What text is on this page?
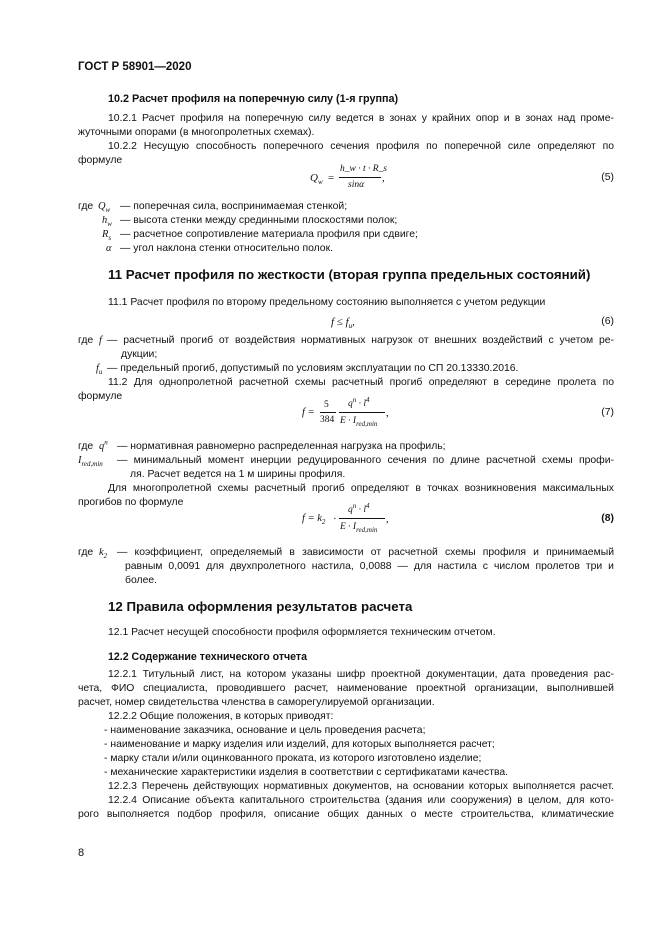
ГОСТ Р 58901—2020
10.2 Расчет профиля на поперечную силу (1-я группа)
10.2.1 Расчет профиля на поперечную силу ведется в зонах у крайних опор и в зонах над проме-
жуточными опорами (в многопролетных схемах).
10.2.2 Несущую способность поперечного сечения профиля по поперечной силе определяют по
формуле
$Q_w$ =
h_w · t · R_s
sinα
,	(5)
где $Q_w$ — поперечная сила, воспринимаемая стенкой;
$h_w$ — высота стенки между срединными плоскостями полок;
$R_s$ — расчетное сопротивление материала профиля при сдвиге;
α — угол наклона стенки относительно полок.
11 Расчет профиля по жесткости (вторая группа предельных состояний)
11.1 Расчет профиля по второму предельному состоянию выполняется с учетом редукции
$f \le f_u$,	(6)
где f — расчетный прогиб от воздействия нормативных нагрузок от внешних воздействий с учетом ре-
дукции;
$f_u$ — предельный прогиб, допустимый по условиям эксплуатации по СП 20.13330.2016.
11.2 Для однопролетной расчетной схемы расчетный прогиб определяют в середине пролета по
формуле
f =
5
384
$q^n \cdot l^4$
$E \cdot I_{red,min}$
,	(7)
где $q^n$ — нормативная равномерно распределенная нагрузка на профиль;
$I_{red,min}$ — минимальный момент инерции редуцированного сечения по длине расчетной схемы профи-
ля. Расчет ведется на 1 м ширины профиля.
Для многопролетной схемы расчетный прогиб определяют в точках возникновения максимальных
прогибов по формуле
$f = k_2$ ·
$q^n \cdot l^4$
$E \cdot I_{red,min}$
,	(8)
где $k_2$ — коэффициент, определяемый в зависимости от расчетной схемы профиля и принимаемый
равным 0,0091 для двухпролетного настила, 0,0088 — для настила с числом пролетов три и
более.
12 Правила оформления результатов расчета
12.1 Расчет несущей способности профиля оформляется техническим отчетом.
12.2 Содержание технического отчета
12.2.1 Титульный лист, на котором указаны шифр проектной документации, дата проведения рас-
чета, ФИО специалиста, проводившего расчет, наименование проектной организации, выполнившей
расчет, номер свидетельства членства в саморегулируемой организации.
12.2.2 Общие положения, в которых приводят:
- наименование заказчика, основание и цель проведения расчета;
- наименование и марку изделия или изделий, для которых выполняется расчет;
- марку стали и/или оцинкованного проката, из которого изготовлено изделие;
- механические характеристики изделия в соответствии с сертификатами качества.
12.2.3 Перечень действующих нормативных документов, на основании которых выполняется расчет.
12.2.4 Описание объекта капитального строительства (здания или сооружения) в целом, для кото-
рого выполняется подбор профиля, описание общих данных о месте строительства, климатические
8
